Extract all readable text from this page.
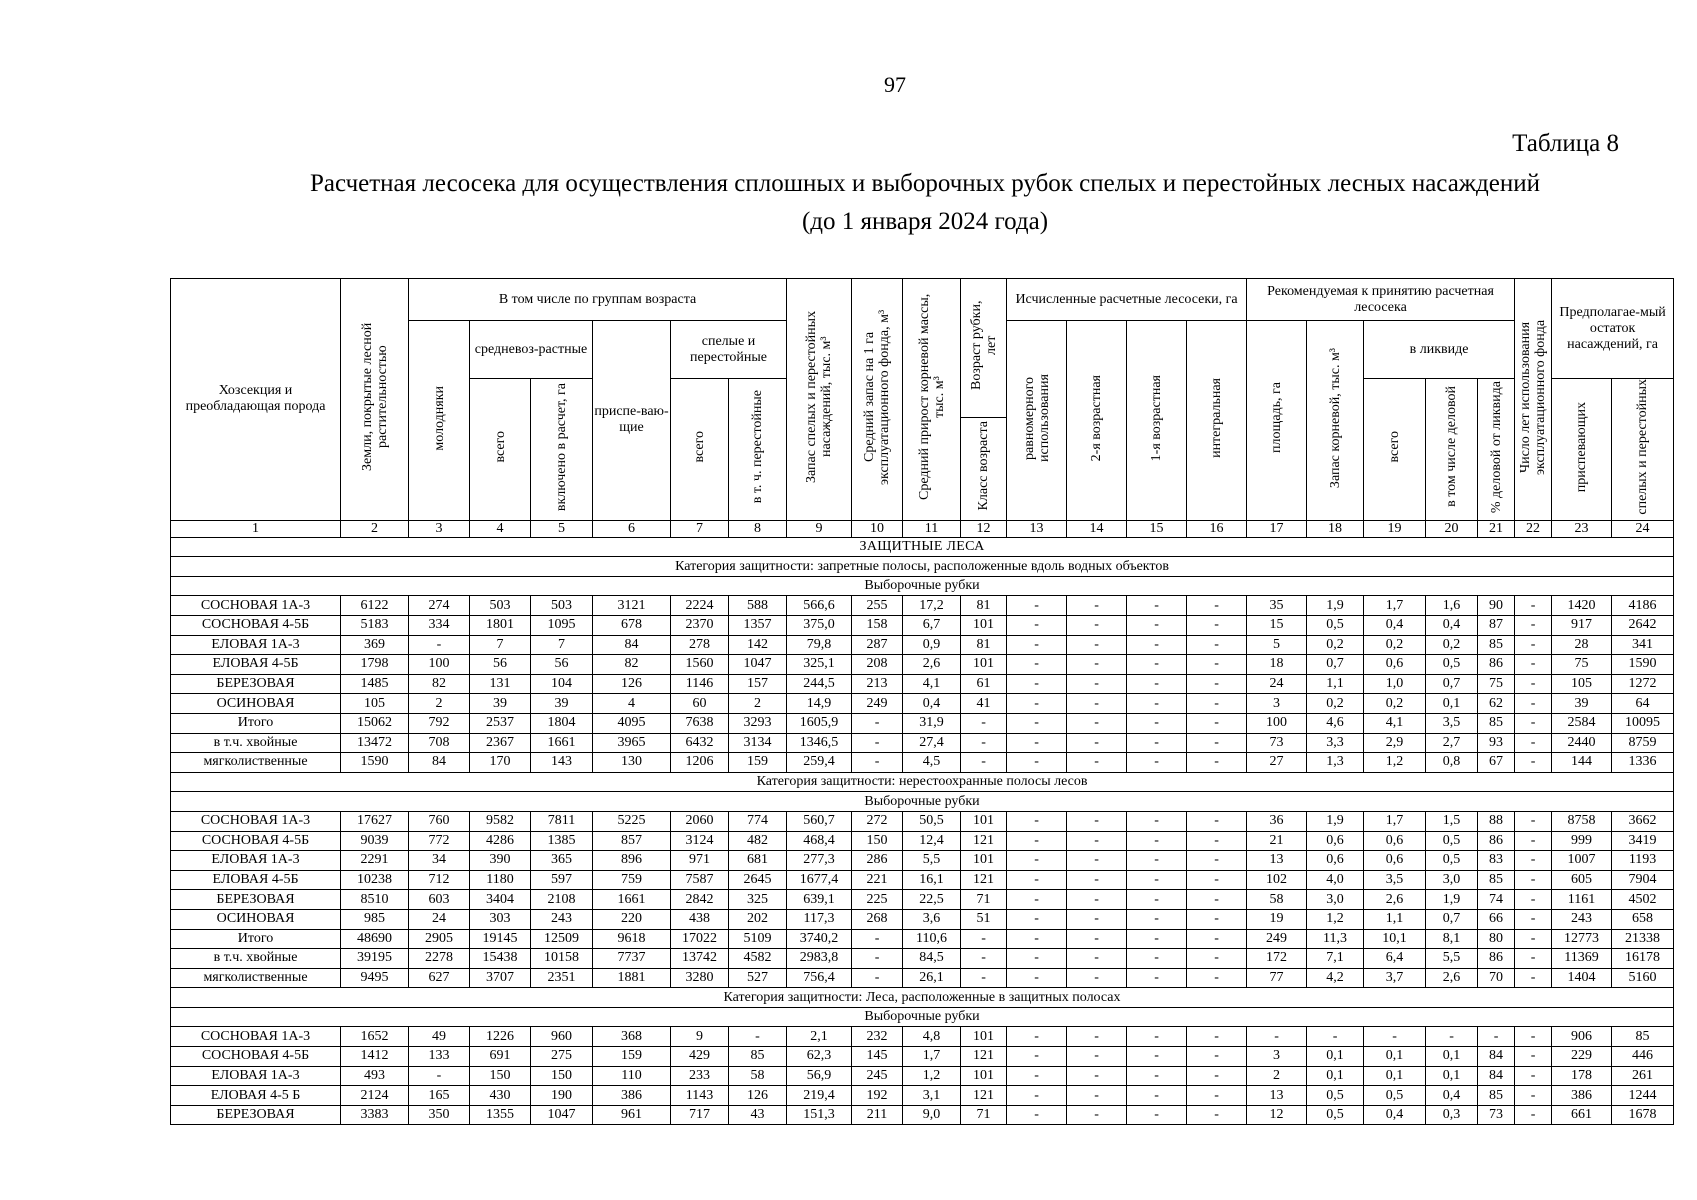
97
Таблица 8
Расчетная лесосека для осуществления сплошных и выборочных рубок спелых и перестойных лесных насаждений
(до 1 января 2024 года)
Хозсекция и преобладающая порода	Земли, покрытые лесной растительностью	В том числе по группам возраста						Запас спелых и перестойных насаждений, тыс. м³	Средний запас на 1 га эксплуатационного фонда, м³	Средний прирост корневой массы, тыс. м³	Возраст рубки, лет	Исчисленные расчетные лесосеки, га				Рекомендуемая к принятию расчетная лесосека					Число лет использования эксплуатационного фонда	Предполагае-мый остаток насаждений, га	
		молодняки	средневоз-растные		приспе-ваю-щие	спелые и перестойные						равномерного использования	2-я возрастная	1-я возрастная	интегральная	площадь, га	Запас корневой, тыс. м³	в ликвиде					
			всего	включено в расчет, га		всего	в т. ч. перестойные											всего	в том числе деловой	% деловой от ликвида		приспевающих	спелых и перестойных
											Класс возраста												
1	2	3	4	5	6	7	8	9	10	11	12	13	14	15	16	17	18	19	20	21	22	23	24
ЗАЩИТНЫЕ ЛЕСА																							
Категория защитности: запретные полосы, расположенные вдоль водных объектов																							
Выборочные рубки																							
СОСНОВАЯ 1А-3	6122	274	503	503	3121	2224	588	566,6	255	17,2	81	-	-	-	-	35	1,9	1,7	1,6	90	-	1420	4186
СОСНОВАЯ 4-5Б	5183	334	1801	1095	678	2370	1357	375,0	158	6,7	101	-	-	-	-	15	0,5	0,4	0,4	87	-	917	2642
ЕЛОВАЯ 1А-3	369	-	7	7	84	278	142	79,8	287	0,9	81	-	-	-	-	5	0,2	0,2	0,2	85	-	28	341
ЕЛОВАЯ 4-5Б	1798	100	56	56	82	1560	1047	325,1	208	2,6	101	-	-	-	-	18	0,7	0,6	0,5	86	-	75	1590
БЕРЕЗОВАЯ	1485	82	131	104	126	1146	157	244,5	213	4,1	61	-	-	-	-	24	1,1	1,0	0,7	75	-	105	1272
ОСИНОВАЯ	105	2	39	39	4	60	2	14,9	249	0,4	41	-	-	-	-	3	0,2	0,2	0,1	62	-	39	64
Итого	15062	792	2537	1804	4095	7638	3293	1605,9	-	31,9	-	-	-	-	-	100	4,6	4,1	3,5	85	-	2584	10095
в т.ч. хвойные	13472	708	2367	1661	3965	6432	3134	1346,5	-	27,4	-	-	-	-	-	73	3,3	2,9	2,7	93	-	2440	8759
мягколиственные	1590	84	170	143	130	1206	159	259,4	-	4,5	-	-	-	-	-	27	1,3	1,2	0,8	67	-	144	1336
Категория защитности: нерестоохранные полосы лесов																							
Выборочные рубки																							
СОСНОВАЯ 1А-3	17627	760	9582	7811	5225	2060	774	560,7	272	50,5	101	-	-	-	-	36	1,9	1,7	1,5	88	-	8758	3662
СОСНОВАЯ 4-5Б	9039	772	4286	1385	857	3124	482	468,4	150	12,4	121	-	-	-	-	21	0,6	0,6	0,5	86	-	999	3419
ЕЛОВАЯ 1А-3	2291	34	390	365	896	971	681	277,3	286	5,5	101	-	-	-	-	13	0,6	0,6	0,5	83	-	1007	1193
ЕЛОВАЯ 4-5Б	10238	712	1180	597	759	7587	2645	1677,4	221	16,1	121	-	-	-	-	102	4,0	3,5	3,0	85	-	605	7904
БЕРЕЗОВАЯ	8510	603	3404	2108	1661	2842	325	639,1	225	22,5	71	-	-	-	-	58	3,0	2,6	1,9	74	-	1161	4502
ОСИНОВАЯ	985	24	303	243	220	438	202	117,3	268	3,6	51	-	-	-	-	19	1,2	1,1	0,7	66	-	243	658
Итого	48690	2905	19145	12509	9618	17022	5109	3740,2	-	110,6	-	-	-	-	-	249	11,3	10,1	8,1	80	-	12773	21338
в т.ч. хвойные	39195	2278	15438	10158	7737	13742	4582	2983,8	-	84,5	-	-	-	-	-	172	7,1	6,4	5,5	86	-	11369	16178
мягколиственные	9495	627	3707	2351	1881	3280	527	756,4	-	26,1	-	-	-	-	-	77	4,2	3,7	2,6	70	-	1404	5160
Категория защитности: Леса, расположенные в защитных полосах																							
Выборочные рубки																							
СОСНОВАЯ 1А-3	1652	49	1226	960	368	9	-	2,1	232	4,8	101	-	-	-	-	-	-	-	-	-	-	906	85
СОСНОВАЯ 4-5Б	1412	133	691	275	159	429	85	62,3	145	1,7	121	-	-	-	-	3	0,1	0,1	0,1	84	-	229	446
ЕЛОВАЯ 1А-3	493	-	150	150	110	233	58	56,9	245	1,2	101	-	-	-	-	2	0,1	0,1	0,1	84	-	178	261
ЕЛОВАЯ 4-5 Б	2124	165	430	190	386	1143	126	219,4	192	3,1	121	-	-	-	-	13	0,5	0,5	0,4	85	-	386	1244
БЕРЕЗОВАЯ	3383	350	1355	1047	961	717	43	151,3	211	9,0	71	-	-	-	-	12	0,5	0,4	0,3	73	-	661	1678
